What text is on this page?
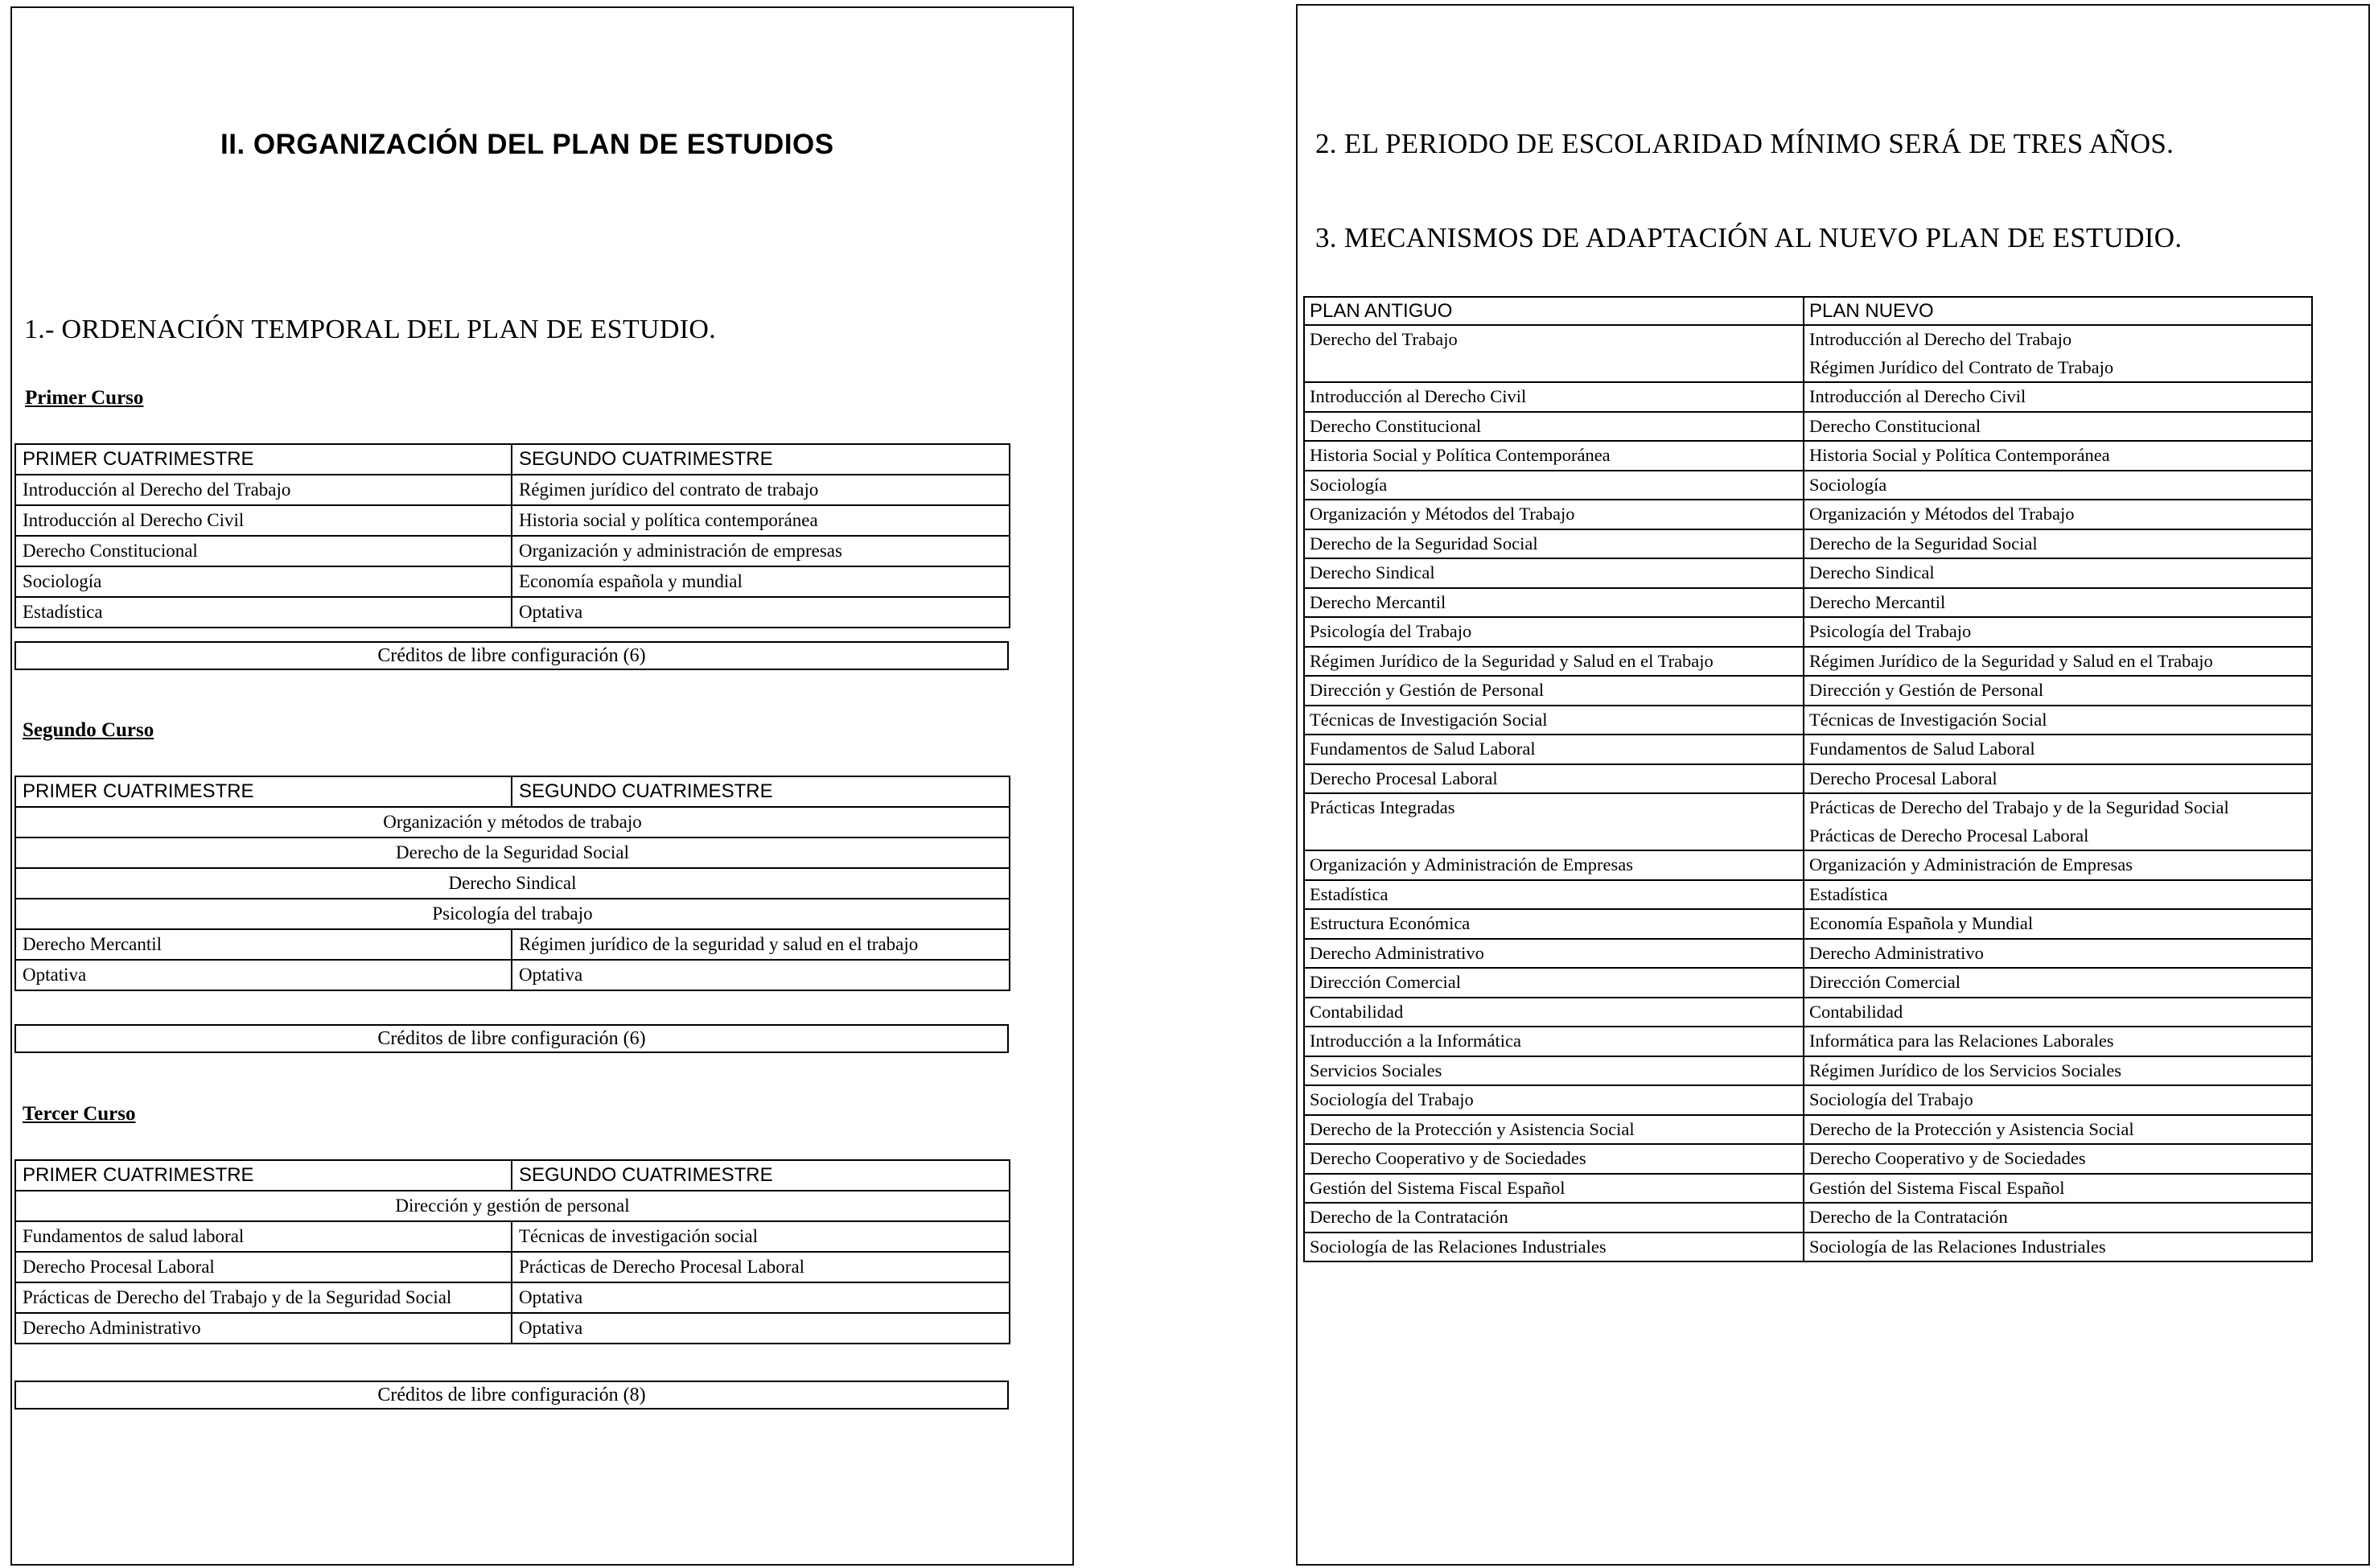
II. ORGANIZACIÓN DEL PLAN DE ESTUDIOS
1.- ORDENACIÓN TEMPORAL DEL PLAN DE ESTUDIO.
Primer Curso
PRIMER CUATRIMESTRE	SEGUNDO CUATRIMESTRE
Introducción al Derecho del Trabajo	Régimen jurídico del contrato de trabajo
Introducción al Derecho Civil	Historia social y política contemporánea
Derecho Constitucional	Organización y administración de empresas
Sociología	Economía española y mundial
Estadística	Optativa
Créditos de libre configuración (6)
Segundo Curso
PRIMER CUATRIMESTRE	SEGUNDO CUATRIMESTRE
Organización y métodos de trabajo	
Derecho de la Seguridad Social	
Derecho Sindical	
Psicología del trabajo	
Derecho Mercantil	Régimen jurídico de la seguridad y salud en el trabajo
Optativa	Optativa
Créditos de libre configuración (6)
Tercer Curso
PRIMER CUATRIMESTRE	SEGUNDO CUATRIMESTRE
Dirección y gestión de personal	
Fundamentos de salud laboral	Técnicas de investigación social
Derecho Procesal Laboral	Prácticas de Derecho Procesal Laboral
Prácticas de Derecho del Trabajo y de la Seguridad Social	Optativa
Derecho Administrativo	Optativa
Créditos de libre configuración (8)
2. EL PERIODO DE ESCOLARIDAD MÍNIMO SERÁ DE TRES AÑOS.
3. MECANISMOS DE ADAPTACIÓN AL NUEVO PLAN DE ESTUDIO.
PLAN ANTIGUO	PLAN NUEVO
Derecho del Trabajo	Introducción al Derecho del Trabajo
Régimen Jurídico del Contrato de Trabajo

Introducción al Derecho Civil	Introducción al Derecho Civil
Derecho Constitucional	Derecho Constitucional
Historia Social y Política Contemporánea	Historia Social y Política Contemporánea
Sociología	Sociología
Organización y Métodos del Trabajo	Organización y Métodos del Trabajo
Derecho de la Seguridad Social	Derecho de la Seguridad Social
Derecho Sindical	Derecho Sindical
Derecho Mercantil	Derecho Mercantil
Psicología del Trabajo	Psicología del Trabajo
Régimen Jurídico de la Seguridad y Salud en el Trabajo	Régimen Jurídico de la Seguridad y Salud en el Trabajo
Dirección y Gestión de Personal	Dirección y Gestión de Personal
Técnicas de Investigación Social	Técnicas de Investigación Social
Fundamentos de Salud Laboral	Fundamentos de Salud Laboral
Derecho Procesal Laboral	Derecho Procesal Laboral
Prácticas Integradas	Prácticas de Derecho del Trabajo y de la Seguridad Social
Prácticas de Derecho Procesal Laboral

Organización y Administración de Empresas	Organización y Administración de Empresas
Estadística	Estadística
Estructura Económica	Economía Española y Mundial
Derecho Administrativo	Derecho Administrativo
Dirección Comercial	Dirección Comercial
Contabilidad	Contabilidad
Introducción a la Informática	Informática para las Relaciones Laborales
Servicios Sociales	Régimen Jurídico de los Servicios Sociales
Sociología del Trabajo	Sociología del Trabajo
Derecho de la Protección y Asistencia Social	Derecho de la Protección y Asistencia Social
Derecho Cooperativo y de Sociedades	Derecho Cooperativo y de Sociedades
Gestión del Sistema Fiscal Español	Gestión del Sistema Fiscal Español
Derecho de la Contratación	Derecho de la Contratación
Sociología de las Relaciones Industriales	Sociología de las Relaciones Industriales
